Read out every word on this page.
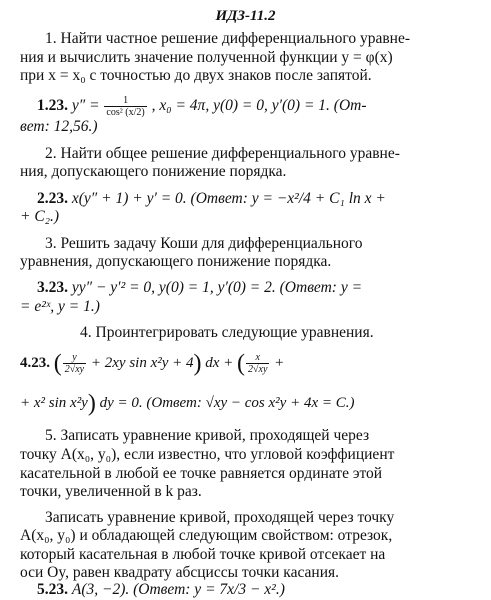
ИДЗ-11.2
1. Найти частное решение дифференциального уравне-
ния и вычислить значение полученной функции y = φ(x)
при x = x₀ с точностью до двух знаков после запятой.
1.23. $y'' = \frac{1}{\text{cos² (x/2)}}$ , x₀ = 4π, y(0) = 0, y′(0) = 1. (От-
вет: 12,56.)
2. Найти общее решение дифференциального уравне-
ния, допускающего понижение порядка.
2.23. x(y″ + 1) + y′ = 0. (Ответ: y = −x²/4 + C₁ ln x +
+ C₂.)
3. Решить задачу Коши для дифференциального
уравнения, допускающего понижение порядка.
3.23. yy″ − y′² = 0, y(0) = 1, y′(0) = 2. (Ответ: y =
= e²ˣ, y = 1.)
4. Проинтегрировать следующие уравнения.
4.23. ( $\frac{y}{2√xy} + 2xy$ sin x²y + 4) dx + ( $\frac{x}{2√xy}$ +
+ x² sin x²y) dy = 0. (Ответ: √xy − cos x²y + 4x = C.)
5. Записать уравнение кривой, проходящей через
точку A(x₀, y₀), если известно, что угловой коэффициент
касательной в любой ее точке равняется ординате этой
точки, увеличенной в k раз.
Записать уравнение кривой, проходящей через точку
A(x₀, y₀) и обладающей следующим свойством: отрезок,
который касательная в любой точке кривой отсекает на
оси Oy, равен квадрату абсциссы точки касания.
5.23. A(3, −2). (Ответ: y = 7x/3 − x².)
